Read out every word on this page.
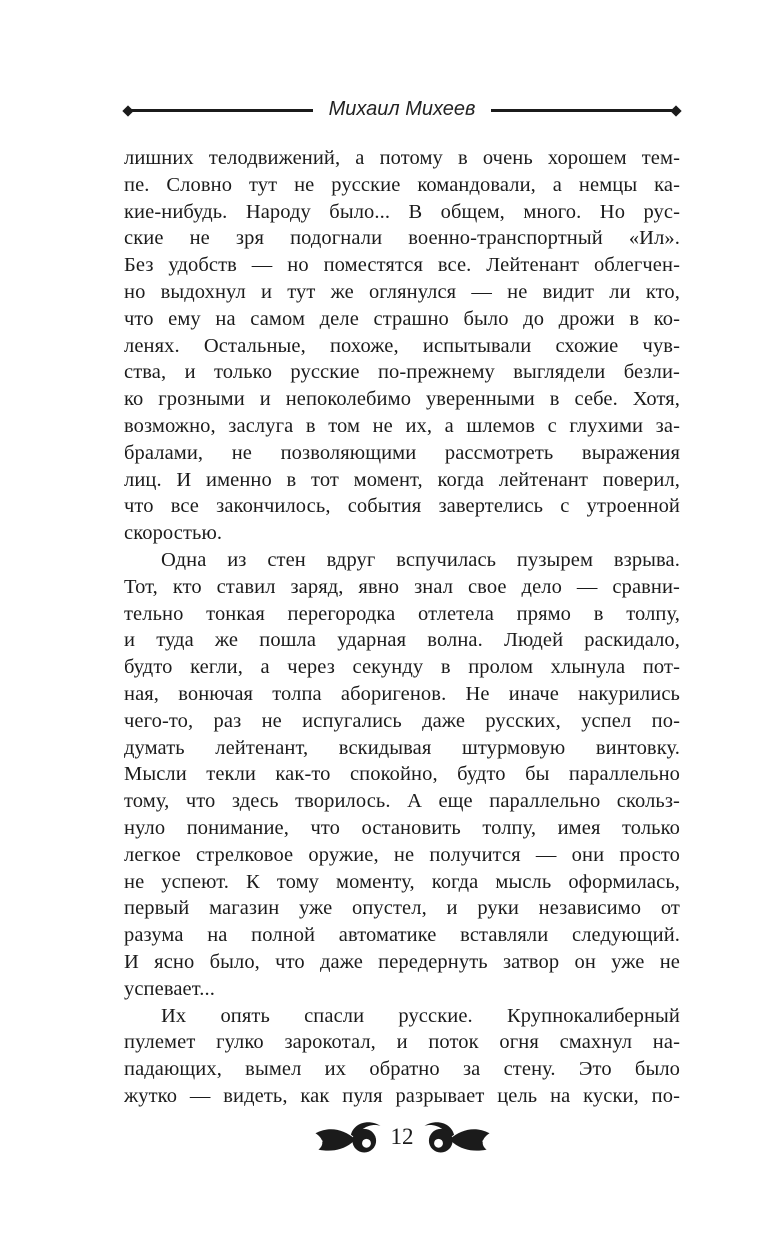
Михаил Михеев
лишних телодвижений, а потому в очень хорошем тем-
пе. Словно тут не русские командовали, а немцы ка-
кие-нибудь. Народу было... В общем, много. Но рус-
ские не зря подогнали военно-транспортный «Ил».
Без удобств — но поместятся все. Лейтенант облегчен-
но выдохнул и тут же оглянулся — не видит ли кто,
что ему на самом деле страшно было до дрожи в ко-
ленях. Остальные, похоже, испытывали схожие чув-
ства, и только русские по-прежнему выглядели безли-
ко грозными и непоколебимо уверенными в себе. Хотя,
возможно, заслуга в том не их, а шлемов с глухими за-
бралами, не позволяющими рассмотреть выражения
лиц. И именно в тот момент, когда лейтенант поверил,
что все закончилось, события завертелись с утроенной
скоростью.
Одна из стен вдруг вспучилась пузырем взрыва.
Тот, кто ставил заряд, явно знал свое дело — сравни-
тельно тонкая перегородка отлетела прямо в толпу,
и туда же пошла ударная волна. Людей раскидало,
будто кегли, а через секунду в пролом хлынула пот-
ная, вонючая толпа аборигенов. Не иначе накурились
чего-то, раз не испугались даже русских, успел по-
думать лейтенант, вскидывая штурмовую винтовку.
Мысли текли как-то спокойно, будто бы параллельно
тому, что здесь творилось. А еще параллельно скольз-
нуло понимание, что остановить толпу, имея только
легкое стрелковое оружие, не получится — они просто
не успеют. К тому моменту, когда мысль оформилась,
первый магазин уже опустел, и руки независимо от
разума на полной автоматике вставляли следующий.
И ясно было, что даже передернуть затвор он уже не
успевает...
Их опять спасли русские. Крупнокалиберный
пулемет гулко зарокотал, и поток огня смахнул на-
падающих, вымел их обратно за стену. Это было
жутко — видеть, как пуля разрывает цель на куски, по-
12
